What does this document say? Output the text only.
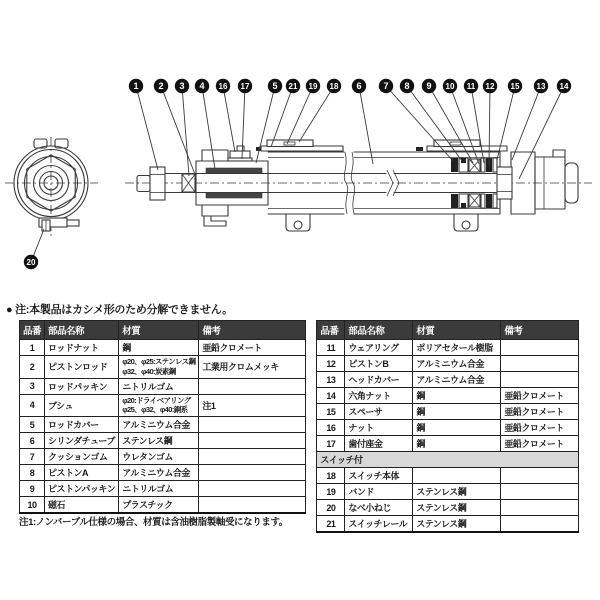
1 2 3 4 16 17	5 21 19 18 6 7 8 9 10 11 12 15 13 14
20
● 注:本製品はカシメ形のため分解できません。
品番	部品名称	材質	備考
1	ロッドナット	鋼	亜鉛クロメート
2	ピストンロッド	φ20、φ25:ステンレス鋼
φ32、φ40:炭素鋼	工業用クロムメッキ
3	ロッドパッキン	ニトリルゴム	
4	ブシュ	φ20:ドライベアリング
φ25、φ32、φ40:銅系	注1
5	ロッドカバー	アルミニウム合金	
6	シリンダチューブ	ステンレス鋼	
7	クッションゴム	ウレタンゴム	
8	ピストンA	アルミニウム合金	
9	ピストンパッキン	ニトリルゴム	
10	磁石	プラスチック	
品番	部品名称	材質	備考
11	ウェアリング	ポリアセタール樹脂	
12	ピストンB	アルミニウム合金	
13	ヘッドカバー	アルミニウム合金	
14	六角ナット	鋼	亜鉛クロメート
15	スペーサ	鋼	亜鉛クロメート
16	ナット	鋼	亜鉛クロメート
17	歯付座金	鋼	亜鉛クロメート
スイッチ付			
18	スイッチ本体		
19	バンド	ステンレス鋼	
20	なべ小ねじ	ステンレス鋼	
21	スイッチレール	ステンレス鋼	
注1:ノンバーブル仕様の場合、材質は含油樹脂製軸受になります。
